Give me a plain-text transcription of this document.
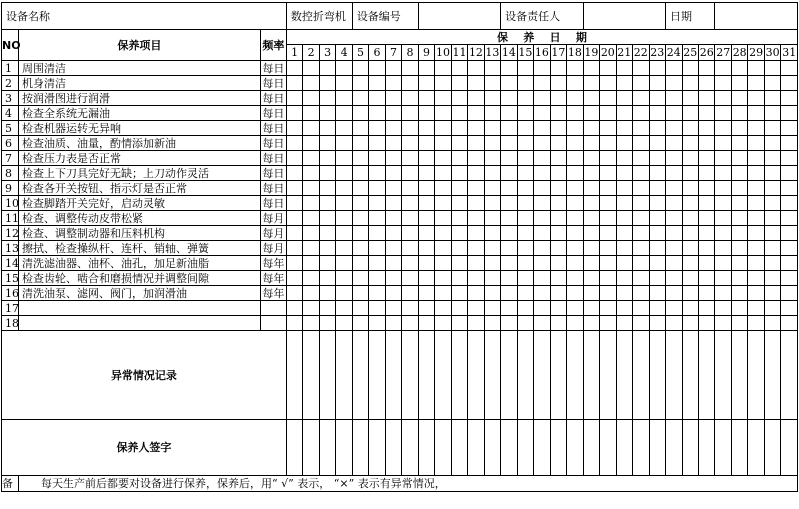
设备名称			数控折弯机				设备编号									设备责任人										日期							
NO	保养项目	频率	保    养    日    期																														
			1	2	3	4	5	6	7	8	9	10	11	12	13	14	15	16	17	18	19	20	21	22	23	24	25	26	27	28	29	30	31
1	周围清洁	每日																															
2	机身清洁	每日																															
3	按润滑图进行润滑	每日																															
4	检查全系统无漏油	每日																															
5	检查机器运转无异响	每日																															
6	检查油质、油量，酌情添加新油	每日																															
7	检查压力表是否正常	每日																															
8	检查上下刀具完好无缺；上刀动作灵活	每日																															
9	检查各开关按钮、指示灯是否正常	每日																															
10	检查脚踏开关完好，启动灵敏	每日																															
11	检查、调整传动皮带松紧	每月																															
12	检查、调整制动器和压料机构	每月																															
13	擦拭、检查操纵杆、连杆、销轴、弹簧	每月																															
14	清洗滤油器、油杯、油孔，加足新油脂	每年																															
15	检查齿轮、啮合和磨损情况并调整间隙	每年																															
16	清洗油泵、滤网、阀门，加润滑油	每年																															
17																																	
18																																	
异常情况记录																																	
保养人签字																																	
备	每天生产前后都要对设备进行保养，保养后，用“ √” 表示， “×” 表示有异常情况，																																
